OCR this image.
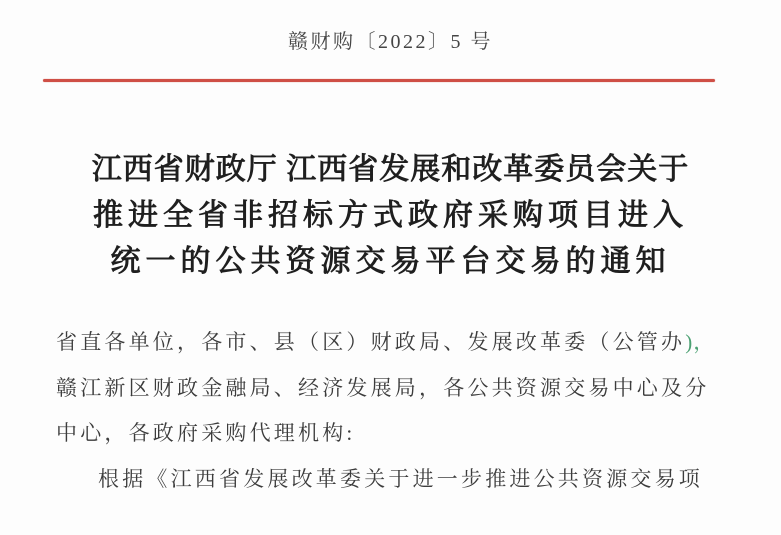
赣财购〔2022〕5 号
江西省财政厅 江西省发展和改革委员会关于
推进全省非招标方式政府采购项目进入
统一的公共资源交易平台交易的通知

省直各单位，各市、县（区）财政局、发展改革委（公管办)，

赣江新区财政金融局、经济发展局，各公共资源交易中心及分

中心，各政府采购代理机构:

根据《江西省发展改革委关于进一步推进公共资源交易项
